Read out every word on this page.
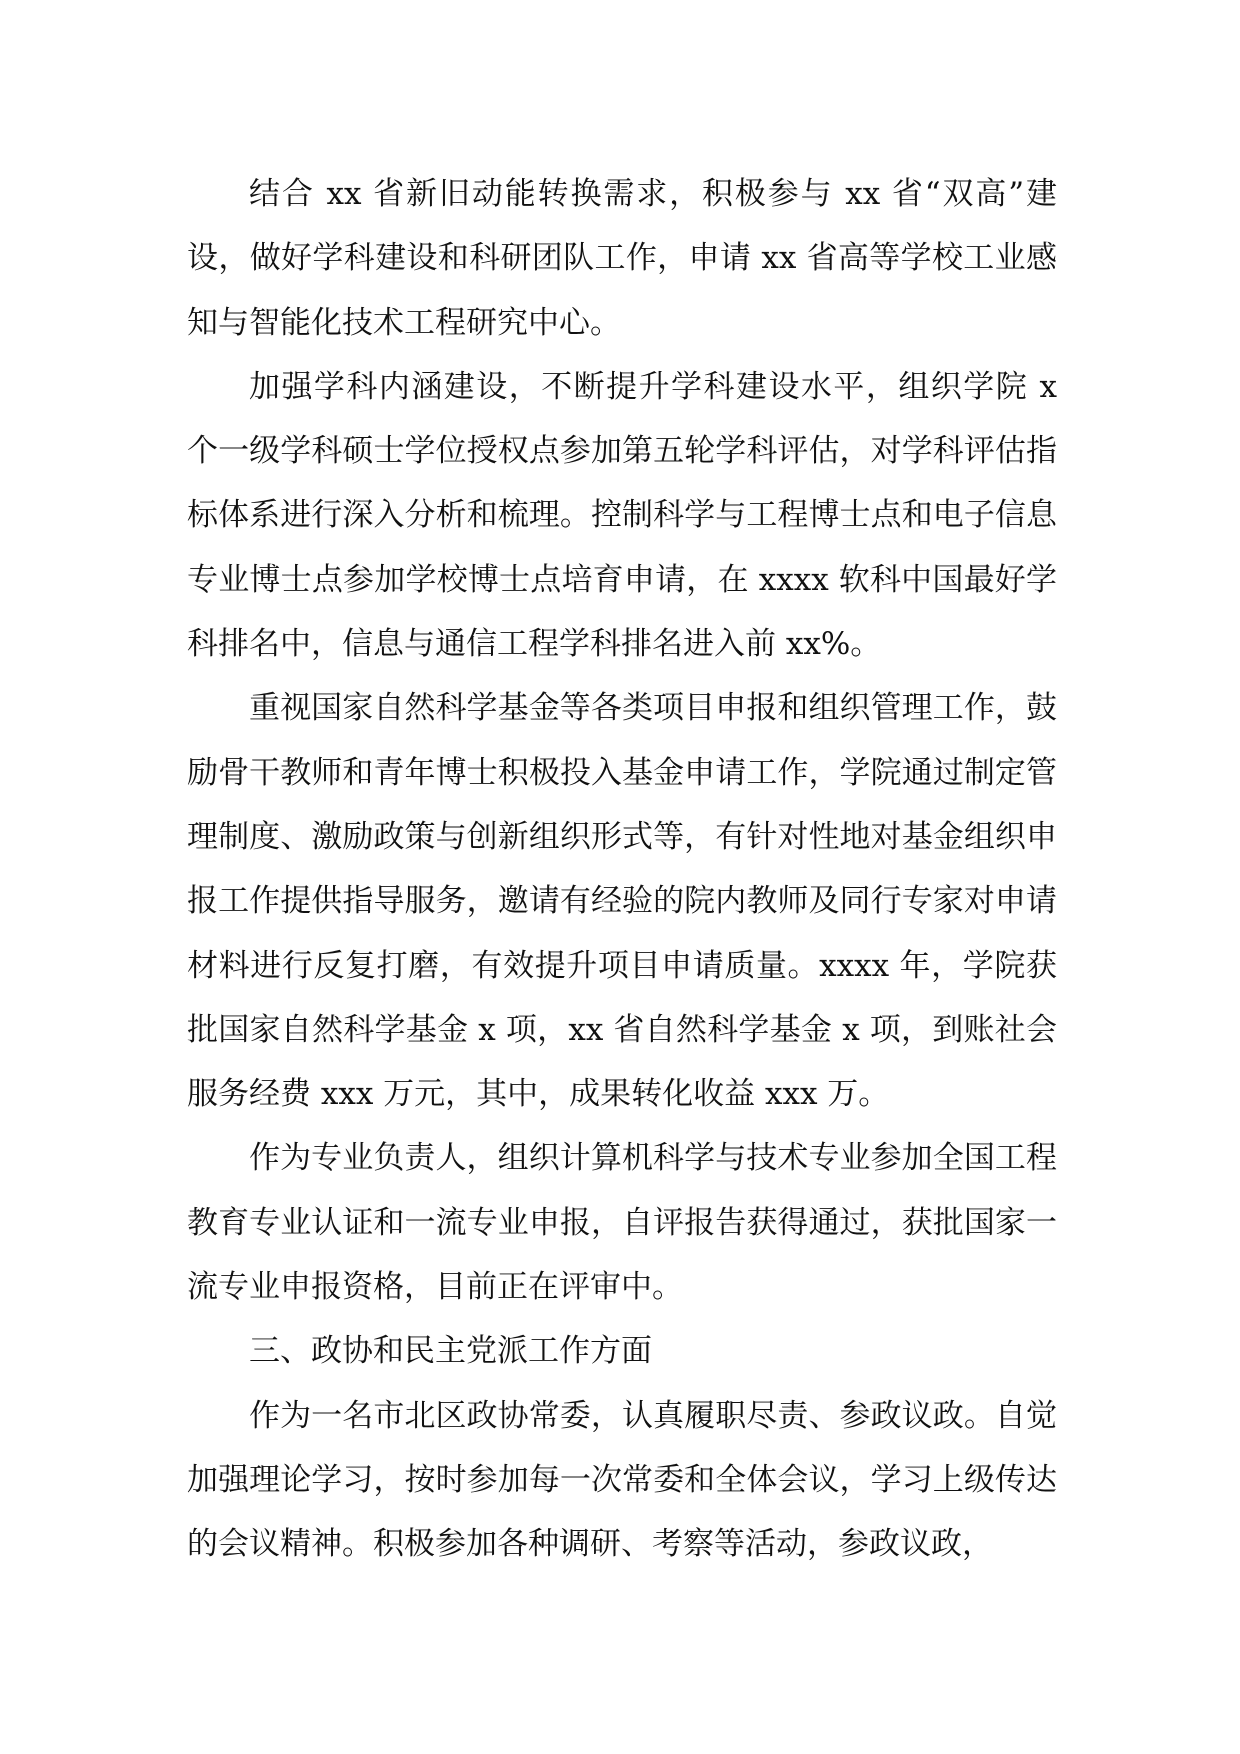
结合 xx 省新旧动能转换需求，积极参与 xx 省“双高”建设，做好学科建设和科研团队工作，申请 xx 省高等学校工业感知与智能化技术工程研究中心。

加强学科内涵建设，不断提升学科建设水平，组织学院 x 个一级学科硕士学位授权点参加第五轮学科评估，对学科评估指标体系进行深入分析和梳理。控制科学与工程博士点和电子信息专业博士点参加学校博士点培育申请，在 xxxx 软科中国最好学科排名中，信息与通信工程学科排名进入前 xx%。

重视国家自然科学基金等各类项目申报和组织管理工作，鼓励骨干教师和青年博士积极投入基金申请工作，学院通过制定管理制度、激励政策与创新组织形式等，有针对性地对基金组织申报工作提供指导服务，邀请有经验的院内教师及同行专家对申请材料进行反复打磨，有效提升项目申请质量。xxxx 年，学院获批国家自然科学基金 x 项，xx 省自然科学基金 x 项，到账社会服务经费 xxx 万元，其中，成果转化收益 xxx 万。

作为专业负责人，组织计算机科学与技术专业参加全国工程教育专业认证和一流专业申报，自评报告获得通过，获批国家一流专业申报资格，目前正在评审中。

三、政协和民主党派工作方面

作为一名市北区政协常委，认真履职尽责、参政议政。自觉加强理论学习，按时参加每一次常委和全体会议，学习上级传达的会议精神。积极参加各种调研、考察等活动，参政议政，
